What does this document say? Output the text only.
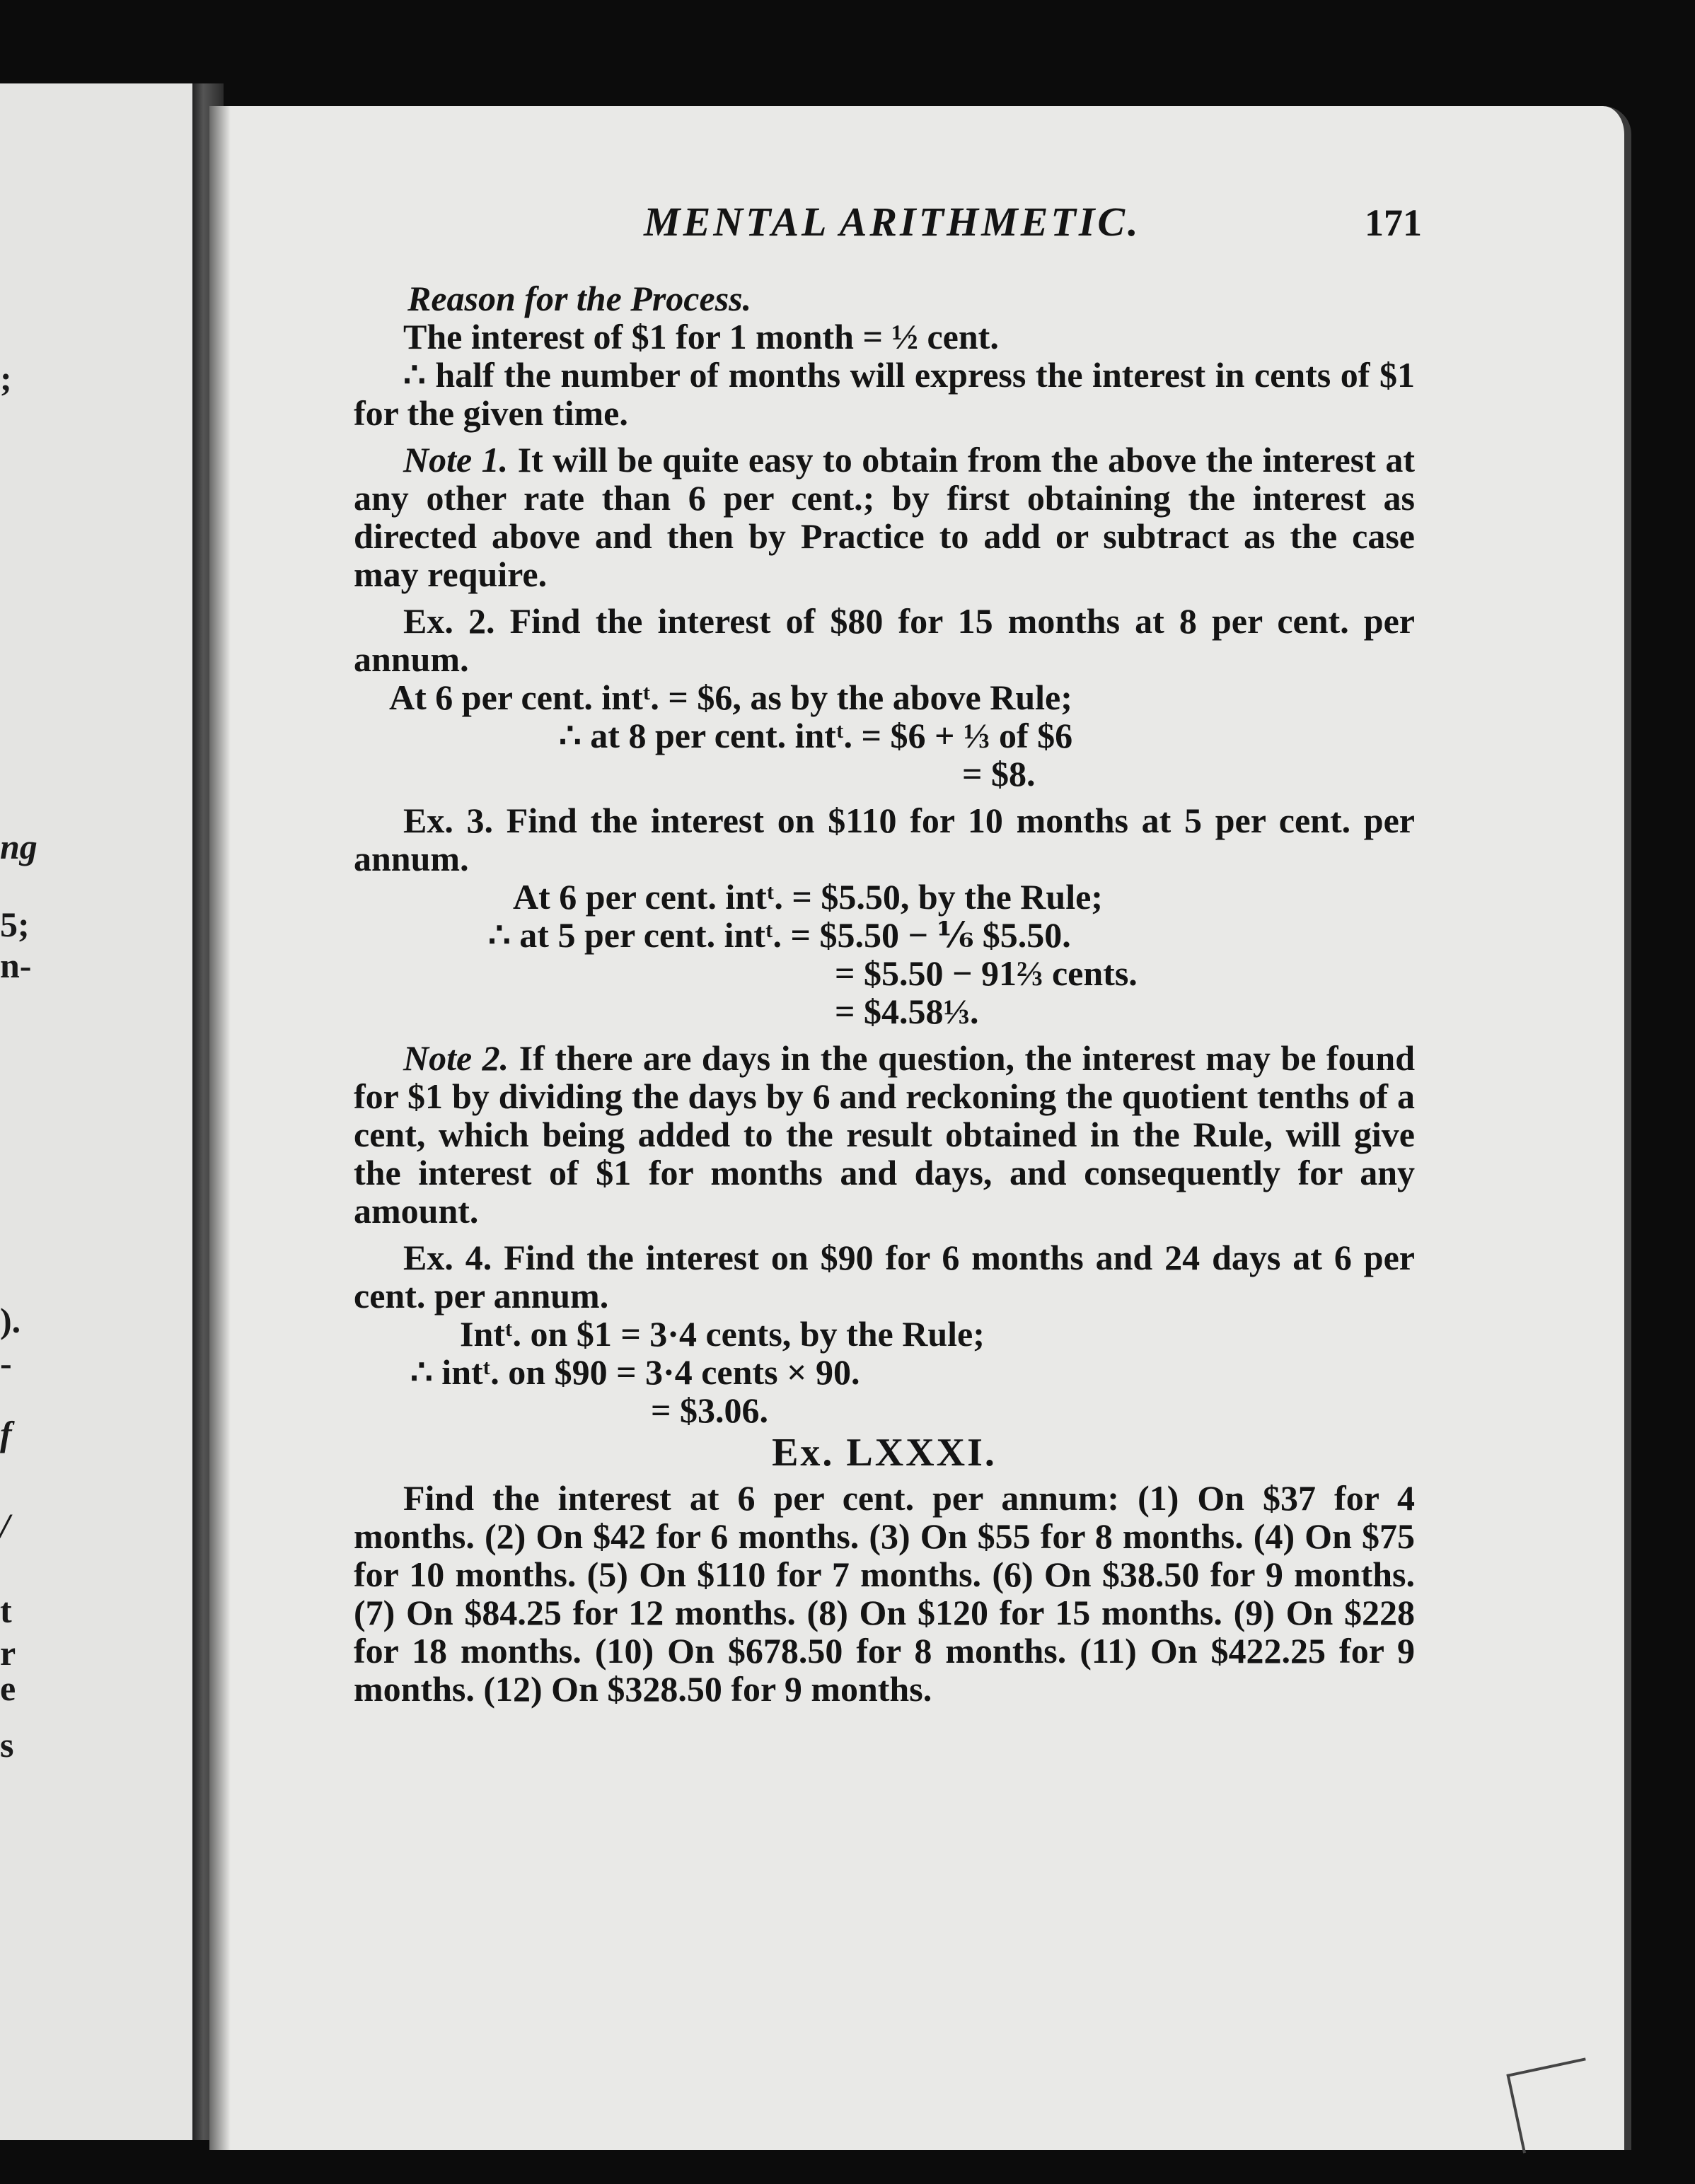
;
ng
5;
n-
).
-
f
/
t
r
e
s
MENTAL ARITHMETIC.	171

Reason for the Process.

The interest of $1 for 1 month = ½ cent.

∴ half the number of months will express the interest in cents of $1 for the given time.

Note 1. It will be quite easy to obtain from the above the interest at any other rate than 6 per cent.; by first obtaining the interest as directed above and then by Practice to add or subtract as the case may require.

Ex. 2. Find the interest of $80 for 15 months at 8 per cent. per annum.

At 6 per cent. intᵗ. = $6, as by the above Rule;

∴ at 8 per cent. intᵗ. = $6 + ⅓ of $6

= $8.

Ex. 3. Find the interest on $110 for 10 months at 5 per cent. per annum.

At 6 per cent. intᵗ. = $5.50, by the Rule;

∴ at 5 per cent. intᵗ. = $5.50 − ⅙ $5.50.

= $5.50 − 91⅔ cents.

= $4.58⅓.

Note 2. If there are days in the question, the interest may be found for $1 by dividing the days by 6 and reckoning the quotient tenths of a cent, which being added to the result obtained in the Rule, will give the interest of $1 for months and days, and consequently for any amount.

Ex. 4. Find the interest on $90 for 6 months and 24 days at 6 per cent. per annum.

Intᵗ. on $1 = 3·4 cents, by the Rule;

∴ intᵗ. on $90 = 3·4 cents × 90.

= $3.06.

Ex. LXXXI.

Find the interest at 6 per cent. per annum: (1) On $37 for 4 months. (2) On $42 for 6 months. (3) On $55 for 8 months. (4) On $75 for 10 months. (5) On $110 for 7 months. (6) On $38.50 for 9 months. (7) On $84.25 for 12 months. (8) On $120 for 15 months. (9) On $228 for 18 months. (10) On $678.50 for 8 months. (11) On $422.25 for 9 months. (12) On $328.50 for 9 months.
